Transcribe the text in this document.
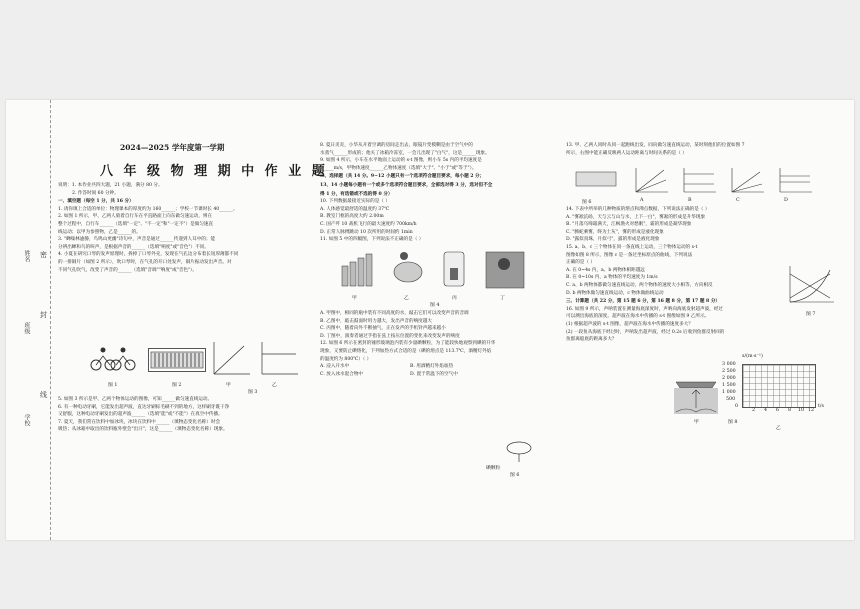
姓名
班级
学校
密
封
线
2024—2025 学年度第一学期
八 年 级 物 理 期 中 作 业 题

说明：1. 本作业共四大题，21 小题，满分 80 分。

2. 作答时间 60 分钟。

一、填空题（每空 1 分，共 16 分）

1. 请你填上合适的单位：物理课本的厚度约为 160______；学校一节课时长 40______。

2. 如图 1 所示，甲、乙两人骑着自行车在平直路面上向东做匀速运动，则在

整个过程中，自行车______（选填"一定"、"不一定"和"一定不"）是做匀速直

线运动；以甲为参照物，乙是______的。

3. "蝉噪林逾静，鸟鸣山更幽"诗句中，声音是通过______传递到人耳中的；能

分辨出蝉和鸟的叫声，是根据声音的______（选填"响度"或"音色"）不同。

4. 小夏在研究口琴的发声原理时，拆掉了口琴外壳，发现在气孔边分布着长短厚薄都不同

的一排铜片（如图 2 所示），吹口琴时，在气孔的开口处发声，铜片振动发出声音。对

不同气孔吹气，改变了声音的______（选填"音调""响度"或"音色"）。

图 1	图 2	甲	乙
图 3

5. 如图 3 所示是甲、乙两个物体运动的图像，可知______做匀速直线运动。

6. 有一种电动牙刷，它能发出超声波，直达牙刷棕毛刷不到的地方，这样刷牙既干净

又舒服，这种电动牙刷发出的超声波______（选填"能"或"不能"）在真空中传播。

7. 夏天，我们常在饮料中加冰块，冰块在饮料中______（填物态变化名称）时会

吸热；从冰箱中取出的饮料瓶外壁会"出汗"，这是______（填物态变化名称）现象。

8. 夏日炎炎，小华从开着空调的房间走出去，眼镜片变模糊是由于空气中的

水蒸气______形成的；他关了冰箱冷冻室，一会儿出现了"白气"，这是______现象。

9. 如图 4 所示，小车在水平地面上运动的 s-t 图像，则小车 5s 内的平均速度是

______m/s，甲物体速度______乙物体速度（选填"大于"、"小于"或"等于"）。

二、选择题（共 14 分。9~12 小题只有一个选项符合题目要求，每小题 2 分；

13、14 小题每小题有一个或多个选项符合题目要求，全部选对得 3 分，选对但不全

得 1 分，有选错或不选的得 0 分）

10. 下列数据最接近实际的是（ ）

A. 人体感觉最舒适的温度约 37℃

B. 教室门框的高度大约 2.00m

C. 国产歼 10 战机飞行的最大速度约 700km/h

D. 正常人脉搏跳动 10 次所用的时间约 1min

11. 如图 5 中的四幅图，下列说法不正确的是（ ）

甲	乙	丙	丁
图 4

A. 甲图中，相同的瓶中装有不同高度的水，敲击它们可以改变声音的音调

B. 乙图中，敲击鼓面时用力越大，发出声音的响度越大

C. 丙图中，随着向外不断抽气，正在发声的手机铃声越来越小

D. 丁图中，演奏者通过手指在弦上按压位置的变化来改变发声的响度

12. 如图 6 所示在密封的锤形玻璃泡内装有少量碘颗粒，为了能较快地观察到碘的升华

现象，又要防止碘熔化，下列加热方式合适的是（碘的熔点是 113.7℃，酒精灯外焰

的温度约为 800℃）（ ）

A. 浸入开水中	B. 用酒精灯外焰加热

C. 放入冰水混合物中	D. 置于常温下的空气中

碘颗粒
图 6

13. 甲、乙两人同时从同一起跑线出发，同向做匀速直线运动，某时刻他们的位置如图 7

所示，右图中能正确反映两人运动距离与时间关系的是（ ）

图 6	A	B	C	D

14. 下表中所举的几种物质的熔点和沸点数据，下列说法正确的是（ ）

A. "雾凇沆砀，天与云与山与水，上下一白"，雾凇的形成是升华现象

B. "月落乌啼霜满天，江枫渔火对愁眠"，霜的形成是凝华现象

C. "腾蛇乘雾，终为土灰"，雾的形成是液化现象

D. "露似真珠，月似弓"，露的形成是液化现象

15. a、b、c 三个物体在同一条直线上运动，三个物体运动的 s-t

图像如图 8 所示，图像 c 是一条过坐标原点的曲线，下列说法

正确的是（ ）

A. 在 0~4s 内，a、b 两物体相距越远

B. 在 0~10s 内，a 物体的平均速度为 1m/s

C. a、b 两物体都做匀速直线运动，两个物体的速度大小相等，方向相反

D. b 两物体做匀速直线运动，c 物体做曲线运动

三、计算题（共 22 分，第 15 题 6 分，第 16 题 8 分，第 17 题 8 分）

16. 如图 9 所示，声呐装置在测量海底深度时，声呐向海底发射超声波，经过

可以测出海底的深度。超声波在海水中传播的 s-t 图像如图 9 乙所示。

(1) 根据超声波的 s-t 图像，超声波在海水中传播的速度多大？

(2) 一段鱼从海底下经过时，声呐发出超声波，经过 0.2s 后收到鱼群反射回的

鱼群离船底的距离多大？

图 7
甲
s/(m·s⁻¹)
3 000
2 500
2 000
1 500
1 000
500
0
2 4 6 8 10 12
t/s
乙
图 8
